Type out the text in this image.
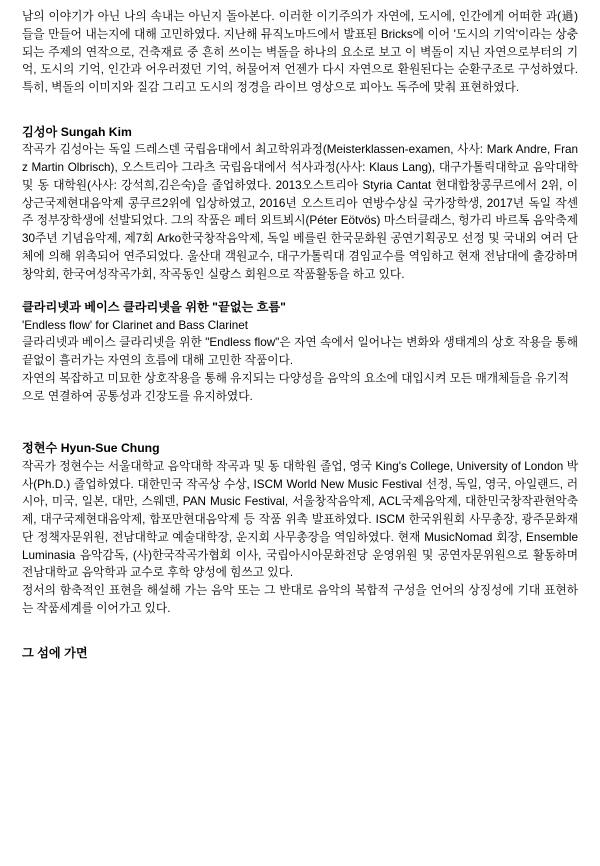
남의 이야기가 아닌 나의 속내는 아닌지 돌아본다. 이러한 이기주의가 자연에, 도시에, 인간에게 어떠한 과(過)들을 만들어 내는지에 대해 고민하였다. 지난해 뮤직노마드에서 발표된 Bricks에 이어 '도시의 기억'이라는 상충되는 주제의 연작으로, 건축재료 중 흔히 쓰이는 벽돌을 하나의 요소로 보고 이 벽돌이 지닌 자연으로부터의 기억, 도시의 기억, 인간과 어우러졌던 기억, 허물어져 언젠가 다시 자연으로 환원된다는 순환구조로 구성하였다. 특히, 벽돌의 이미지와 질감 그리고 도시의 정경을 라이브 영상으로 피아노 독주에 맞춰 표현하였다.

김성아 Sungah Kim

작곡가 김성아는 독일 드레스덴 국립음대에서 최고학위과정(Meisterklassen-examen, 사사: Mark Andre, Franz Martin Olbrisch), 오스트리아 그라츠 국립음대에서 석사과정(사사: Klaus Lang), 대구가톨릭대학교 음악대학 및 동 대학원(사사: 강석희,김은숙)을 졸업하였다. 2013오스트리아 Styria Cantat 현대합창콩쿠르에서 2위, 이상근국제현대음악제 콩쿠르2위에 입상하였고, 2016년 오스트리아 연방수상실 국가장학생, 2017년 독일 작센주 정부장학생에 선발되었다. 그의 작품은 페터 외트뵈시(Péter Eötvös) 마스터클래스, 헝가리 바르톡 음악축제30주년 기념음악제, 제7회 Arko한국창작음악제, 독일 베를린 한국문화원 공연기획공모 선정 및 국내외 여러 단체에 의해 위촉되어 연주되었다. 울산대 객원교수, 대구가톨릭대 겸임교수를 역임하고 현재 전남대에 출강하며 창악회, 한국여성작곡가회, 작곡동인 실랑스 회원으로 작품활동을 하고 있다.

클라리넷과 베이스 클라리넷을 위한 "끝없는 흐름"

'Endless flow' for Clarinet and Bass Clarinet

클라리넷과 베이스 클라리넷을 위한 "Endless flow"은 자연 속에서 일어나는 변화와 생태계의 상호 작용을 통해 끝없이 흘러가는 자연의 흐름에 대해 고민한 작품이다.

자연의 복잡하고 미묘한 상호작용을 통해 유지되는 다양성을 음악의 요소에 대입시켜 모든 매개체들을 유기적으로 연결하여 공통성과 긴장도를 유지하였다.

정현수 Hyun-Sue Chung

작곡가 정현수는 서울대학교 음악대학 작곡과 및 동 대학원 졸업, 영국 King's College, University of London 박사(Ph.D.) 졸업하였다. 대한민국 작곡상 수상, ISCM World New Music Festival 선정, 독일, 영국, 아일랜드, 러시아, 미국, 일본, 대만, 스웨덴, PAN Music Festival, 서울창작음악제, ACL국제음악제, 대한민국창작관현악축제, 대구국제현대음악제, 합포만현대음악제 등 작품 위촉 발표하였다. ISCM 한국위원회 사무총장, 광주문화재단 정책자문위원, 전남대학교 예술대학장, 운지회 사무총장을 역임하였다. 현재 MusicNomad 회장, Ensemble Luminasia 음악감독, (사)한국작곡가협회 이사, 국립아시아문화전당 운영위원 및 공연자문위원으로 활동하며 전남대학교 음악학과 교수로 후학 양성에 힘쓰고 있다.

정서의 함축적인 표현을 해설해 가는 음악 또는 그 반대로 음악의 복합적 구성을 언어의 상징성에 기대 표현하는 작품세계를 이어가고 있다.

그 섬에 가면
